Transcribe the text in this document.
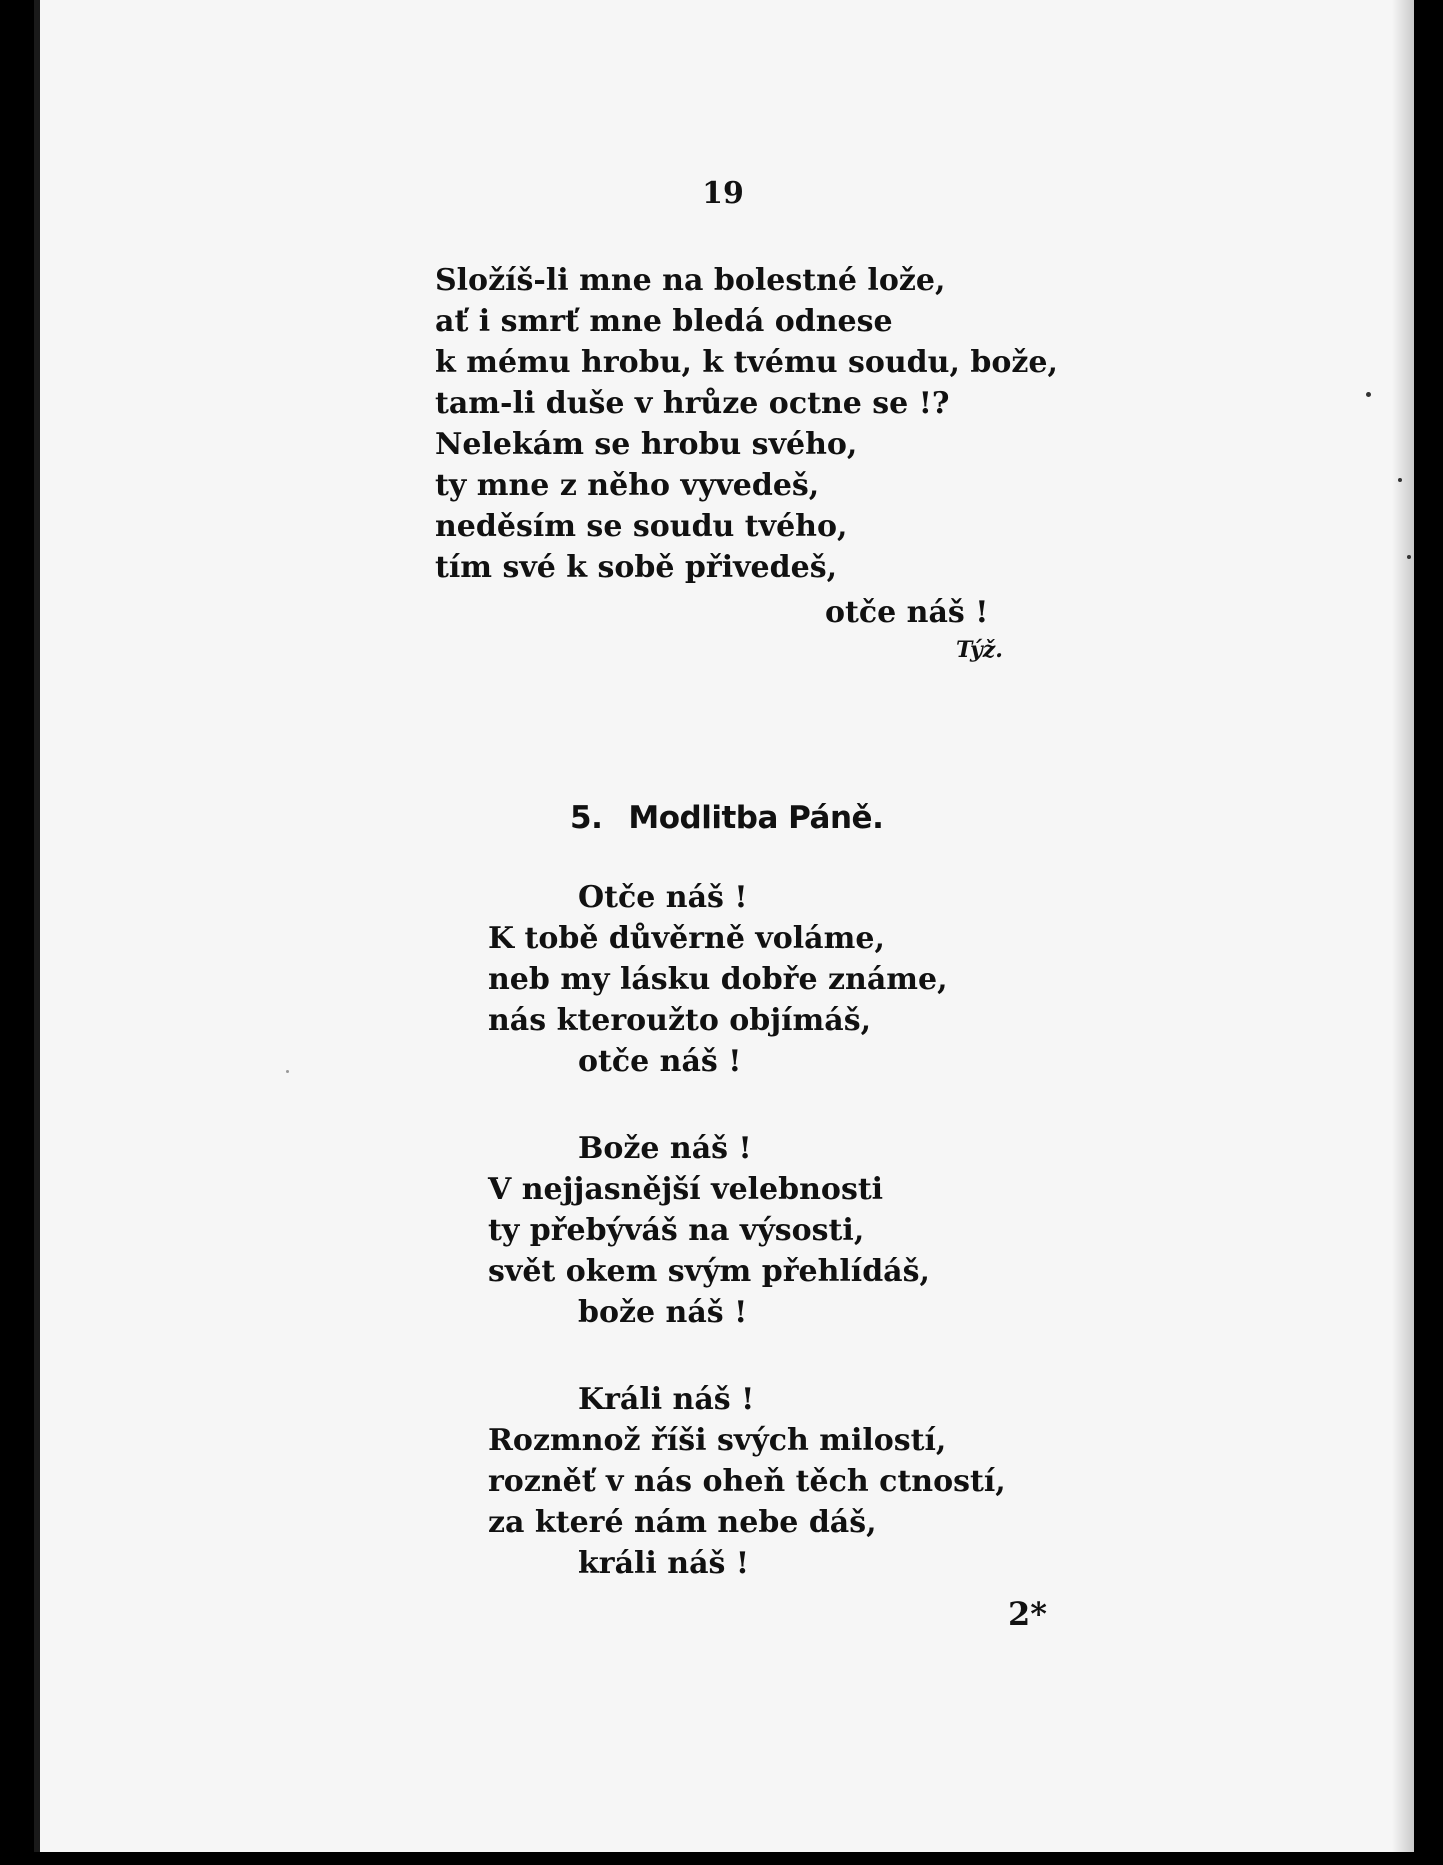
19
Složíš-li mne na bolestné lože,
ať i smrť mne bledá odnese
k mému hrobu, k tvému soudu, bože,
tam-li duše v hrůze octne se !?
Nelekám se hrobu svého,
ty mne z něho vyvedeš,
neděsím se soudu tvého,
tím své k sobě přivedeš,
otče náš !
Týž.
5. Modlitba Páně.
Otče náš !
K tobě důvěrně voláme,
neb my lásku dobře známe,
nás kteroužto objímáš,
otče náš !
Bože náš !
V nejjasnější velebnosti
ty přebýváš na výsosti,
svět okem svým přehlídáš,
bože náš !
Králi náš !
Rozmnož říši svých milostí,
rozněť v nás oheň těch ctností,
za které nám nebe dáš,
králi náš !
2*
